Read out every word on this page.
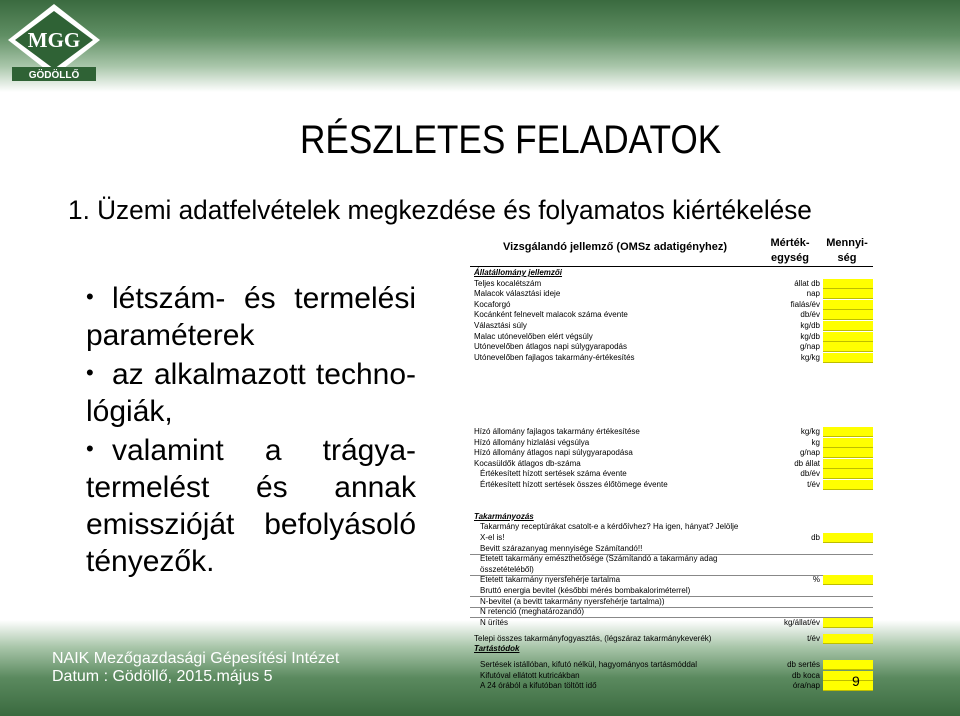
MGG
GÖDÖLLŐ
RÉSZLETES FELADATOK
1. Üzemi adatfelvételek megkezdése és folyamatos kiértékelése

• létszám- és termelési paraméterek

• az alkalmazott techno-lógiák,

• valamint a trágya-termelést és annak emisszióját befolyásoló tényezők.

Vizsgálandó jellemző (OMSz adatigényhez)	Mérték-egység
Mennyi-ség
Állatállomány jellemzői
Teljes kocalétszám	állat db
Malacok választási ideje	nap
Kocaforgó	fialás/év
Kocánként felnevelt malacok száma évente	db/év
Választási súly	kg/db
Malac utónevelőben elért végsúly	kg/db
Utónevelőben átlagos napi súlygyarapodás	g/nap
Utónevelőben fajlagos takarmány-értékesítés	kg/kg
Hízó állomány fajlagos takarmány értékesítése	kg/kg
Hízó állomány hizlalási végsúlya	kg
Hízó állomány átlagos napi súlygyarapodása	g/nap
Kocasüldők átlagos db-száma	db állat
Értékesített hízott sertések száma évente	db/év
Értékesített hízott sertések összes élőtömege évente	t/év
Takarmányozás
Takarmány receptúrákat csatolt-e a kérdőívhez? Ha igen, hányat? Jelölje
X-el is!	db
Bevitt szárazanyag mennyisége Számítandó!!
Etetett takarmány emészthetősége (Számítandó a takarmány adag
összetételéből)
Etetett takarmány nyersfehérje tartalma	%
Bruttó energia bevitel (későbbi mérés bombakaloriméterrel)
N-bevitel (a bevitt takarmány nyersfehérje tartalma))
N retenció (meghatározandó)
N ürítés	kg/állat/év
Telepi összes takarmányfogyasztás, (légszáraz takarmánykeverék)	t/év
Tartástódok
Sertések istállóban, kifutó nélkül, hagyományos tartásmóddal	db sertés
Kifutóval ellátott kutricákban	db koca
A 24 órából a kifutóban töltött idő	óra/nap
NAIK Mezőgazdasági Gépesítési Intézet
Datum : Gödöllő, 2015.május 5	9
